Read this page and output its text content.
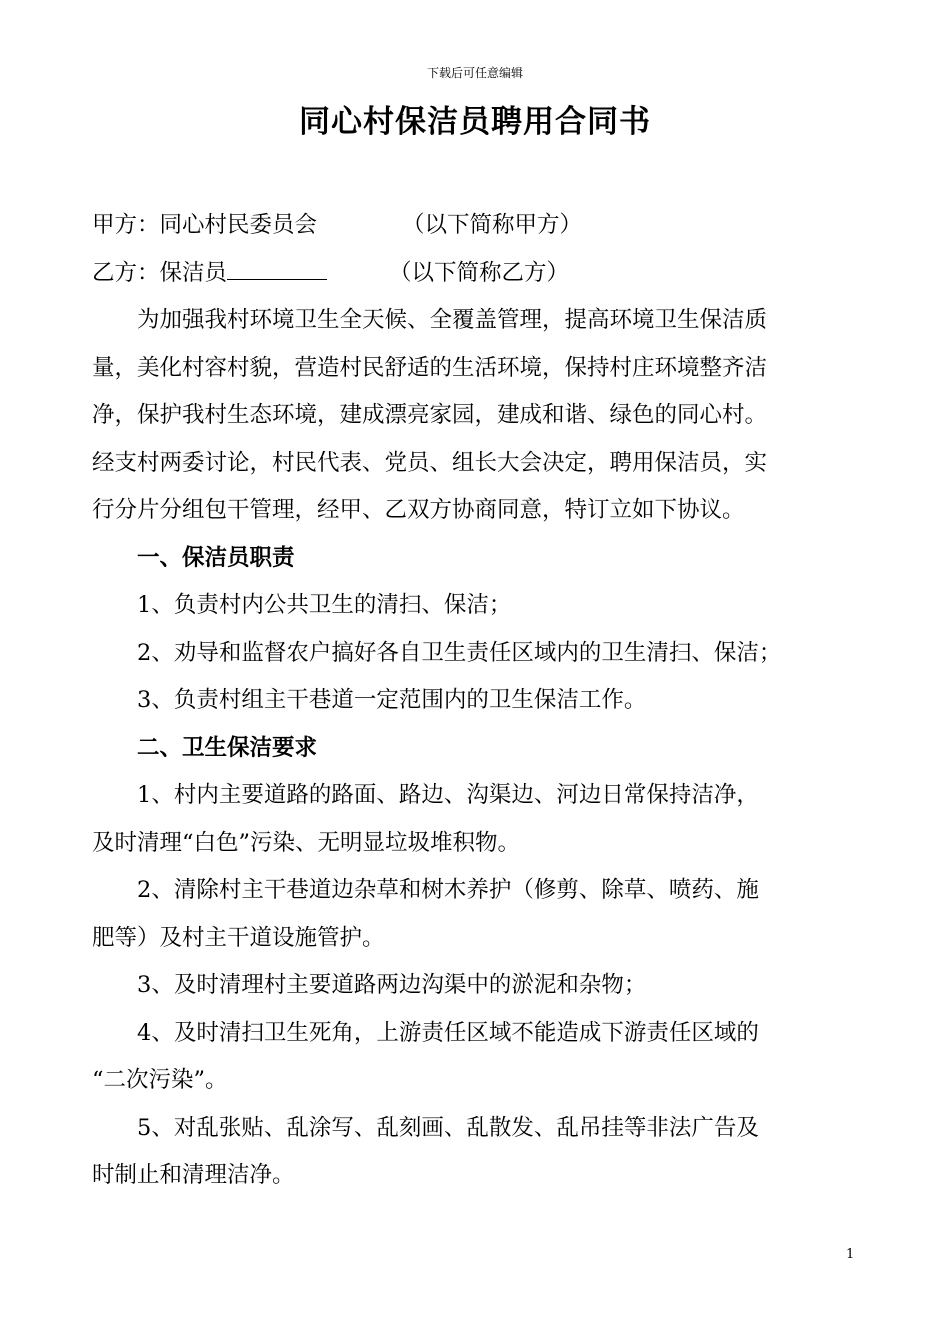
下载后可任意编辑
同心村保洁员聘用合同书
甲方：同心村民委员会	（以下简称甲方）
乙方：保洁员	（以下简称乙方）
为加强我村环境卫生全天候、全覆盖管理，提高环境卫生保洁质
量，美化村容村貌，营造村民舒适的生活环境，保持村庄环境整齐洁
净，保护我村生态环境，建成漂亮家园，建成和谐、绿色的同心村。
经支村两委讨论，村民代表、党员、组长大会决定，聘用保洁员，实
行分片分组包干管理，经甲、乙双方协商同意，特订立如下协议。
一、保洁员职责
1、负责村内公共卫生的清扫、保洁；
2、劝导和监督农户搞好各自卫生责任区域内的卫生清扫、保洁；
3、负责村组主干巷道一定范围内的卫生保洁工作。
二、卫生保洁要求
1、村内主要道路的路面、路边、沟渠边、河边日常保持洁净，
及时清理“白色”污染、无明显垃圾堆积物。
2、清除村主干巷道边杂草和树木养护（修剪、除草、喷药、施
肥等）及村主干道设施管护。
3、及时清理村主要道路两边沟渠中的淤泥和杂物；
4、及时清扫卫生死角，上游责任区域不能造成下游责任区域的
“二次污染”。
5、对乱张贴、乱涂写、乱刻画、乱散发、乱吊挂等非法广告及
时制止和清理洁净。
1
